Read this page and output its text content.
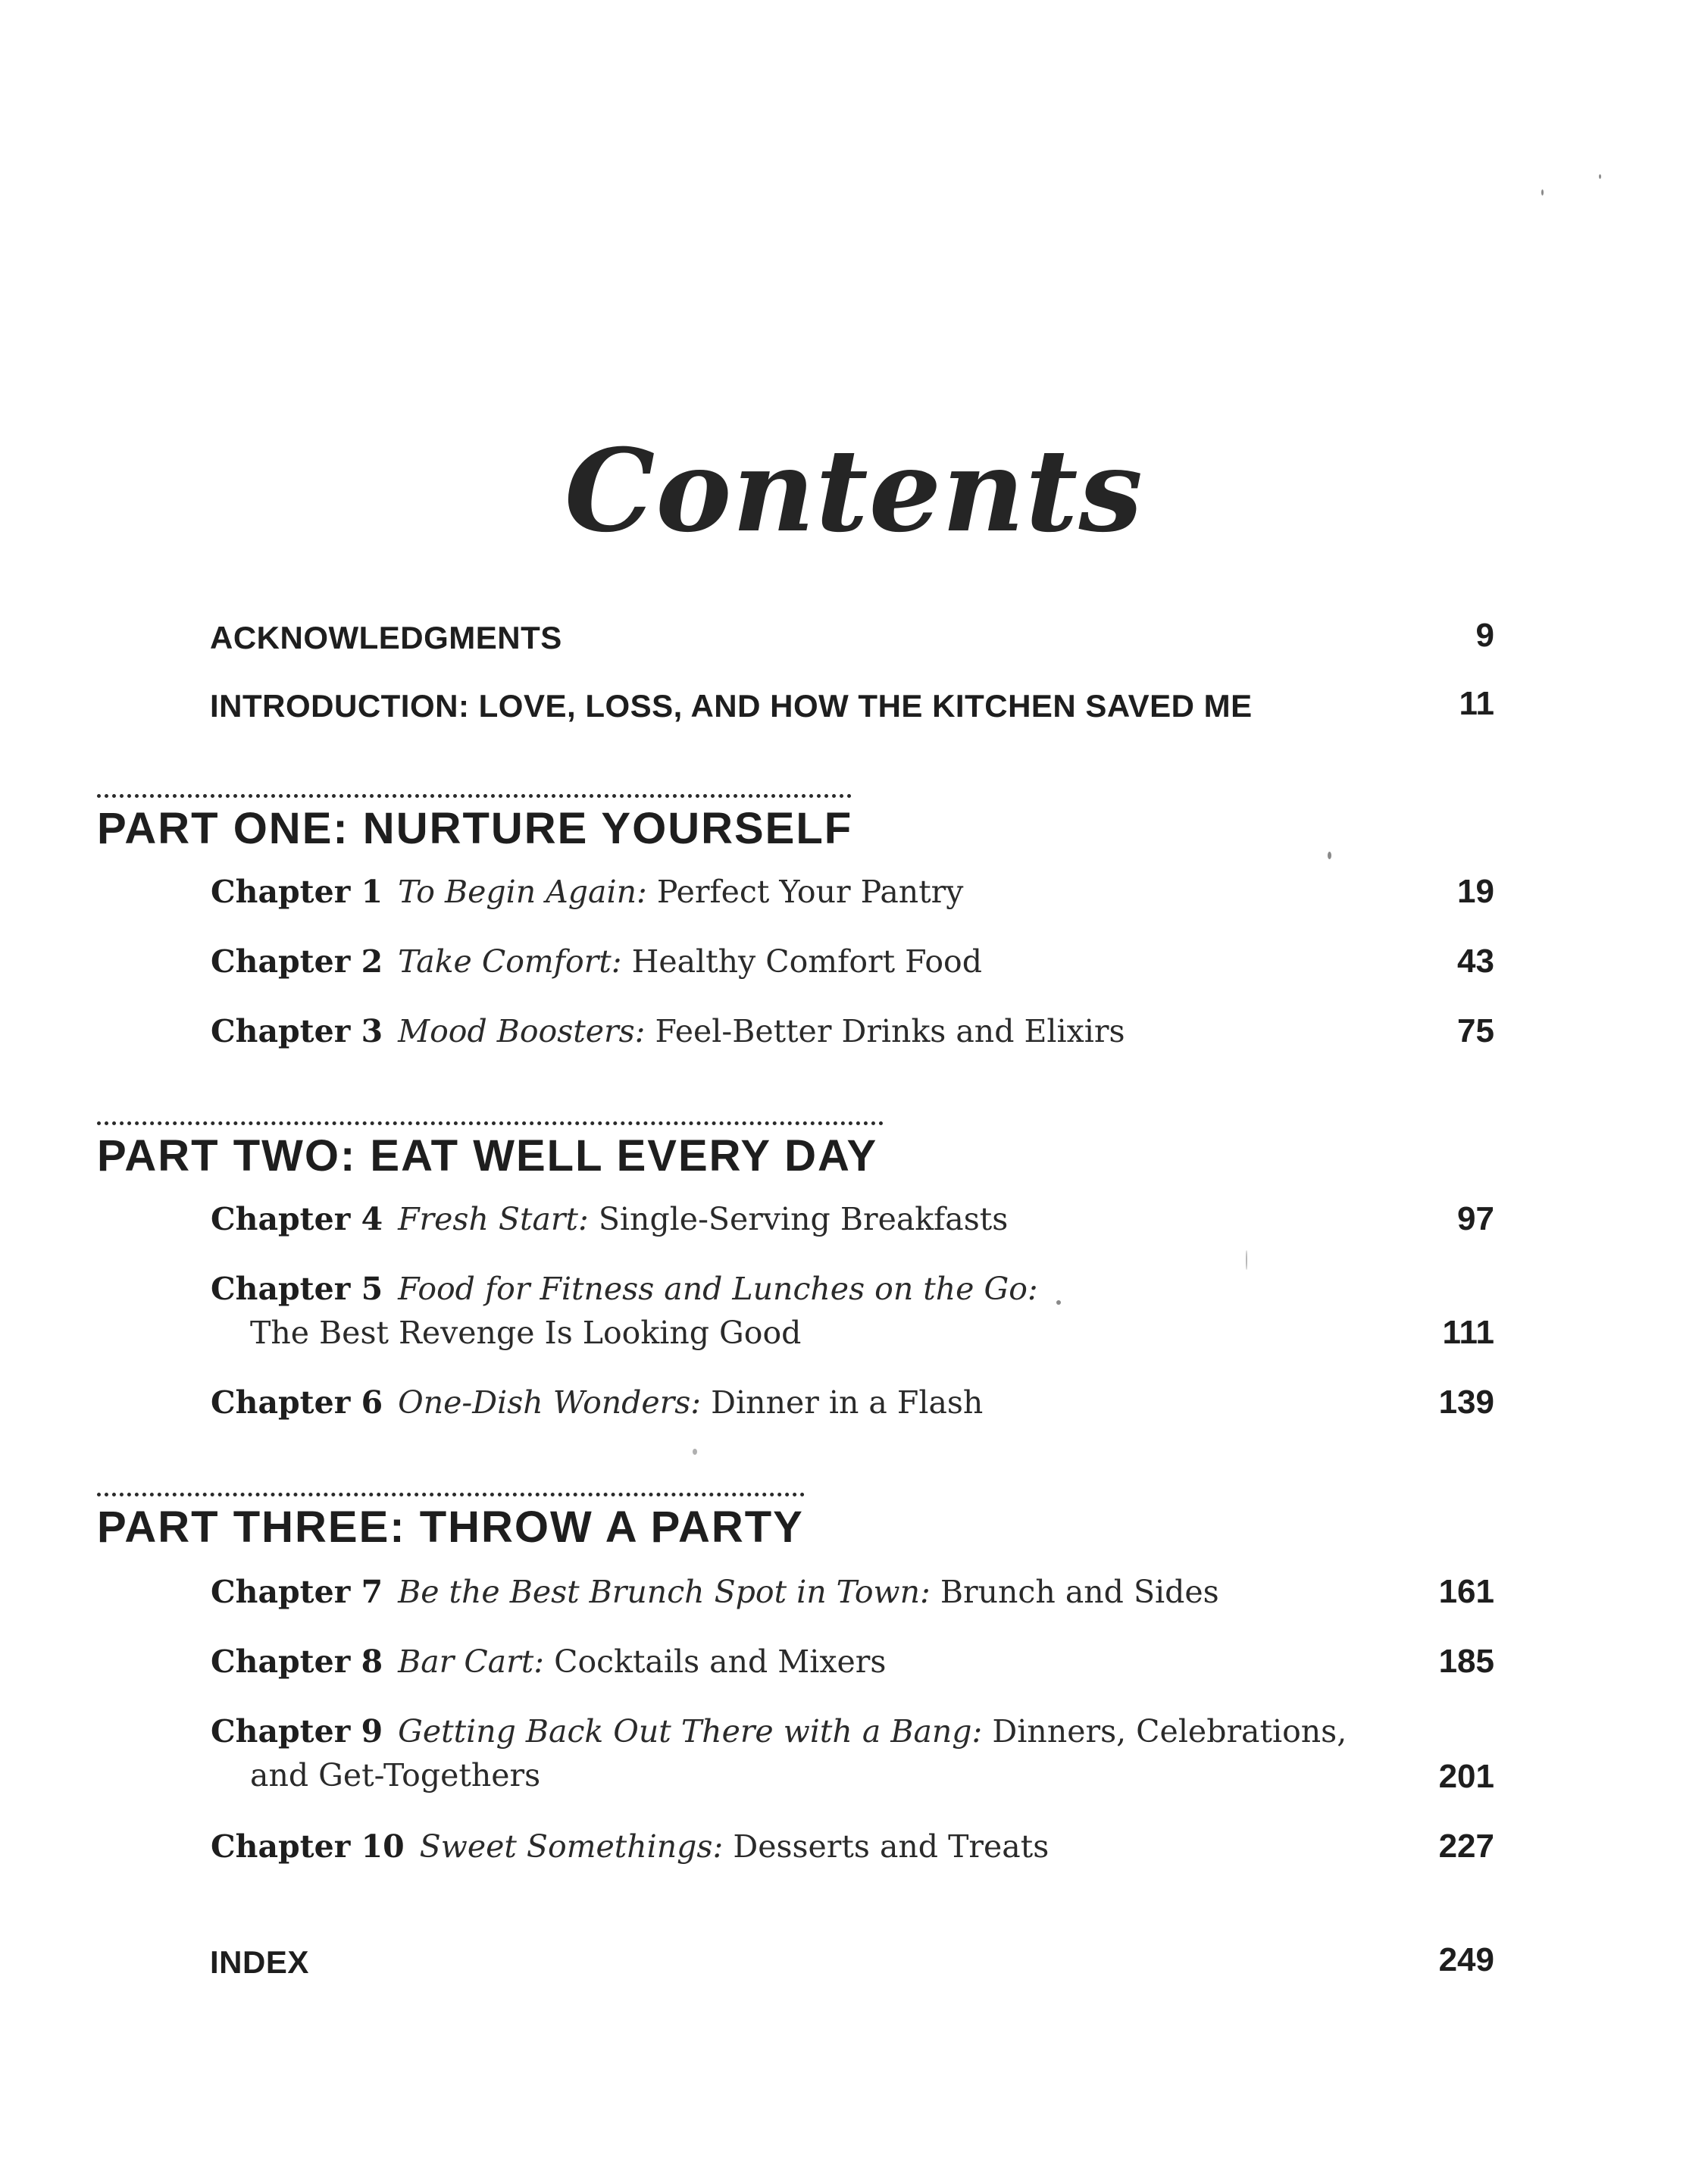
Contents
ACKNOWLEDGMENTS	9
INTRODUCTION: LOVE, LOSS, AND HOW THE KITCHEN SAVED ME	11
PART ONE: NURTURE YOURSELF
Chapter 1 To Begin Again: Perfect Your Pantry	19
Chapter 2 Take Comfort: Healthy Comfort Food	43
Chapter 3 Mood Boosters: Feel-Better Drinks and Elixirs	75
PART TWO: EAT WELL EVERY DAY
Chapter 4 Fresh Start: Single-Serving Breakfasts	97
Chapter 5 Food for Fitness and Lunches on the Go:
The Best Revenge Is Looking Good	111
Chapter 6 One-Dish Wonders: Dinner in a Flash	139
PART THREE: THROW A PARTY
Chapter 7 Be the Best Brunch Spot in Town: Brunch and Sides	161
Chapter 8 Bar Cart: Cocktails and Mixers	185
Chapter 9 Getting Back Out There with a Bang: Dinners, Celebrations,
and Get-Togethers	201
Chapter 10 Sweet Somethings: Desserts and Treats	227
INDEX	249
